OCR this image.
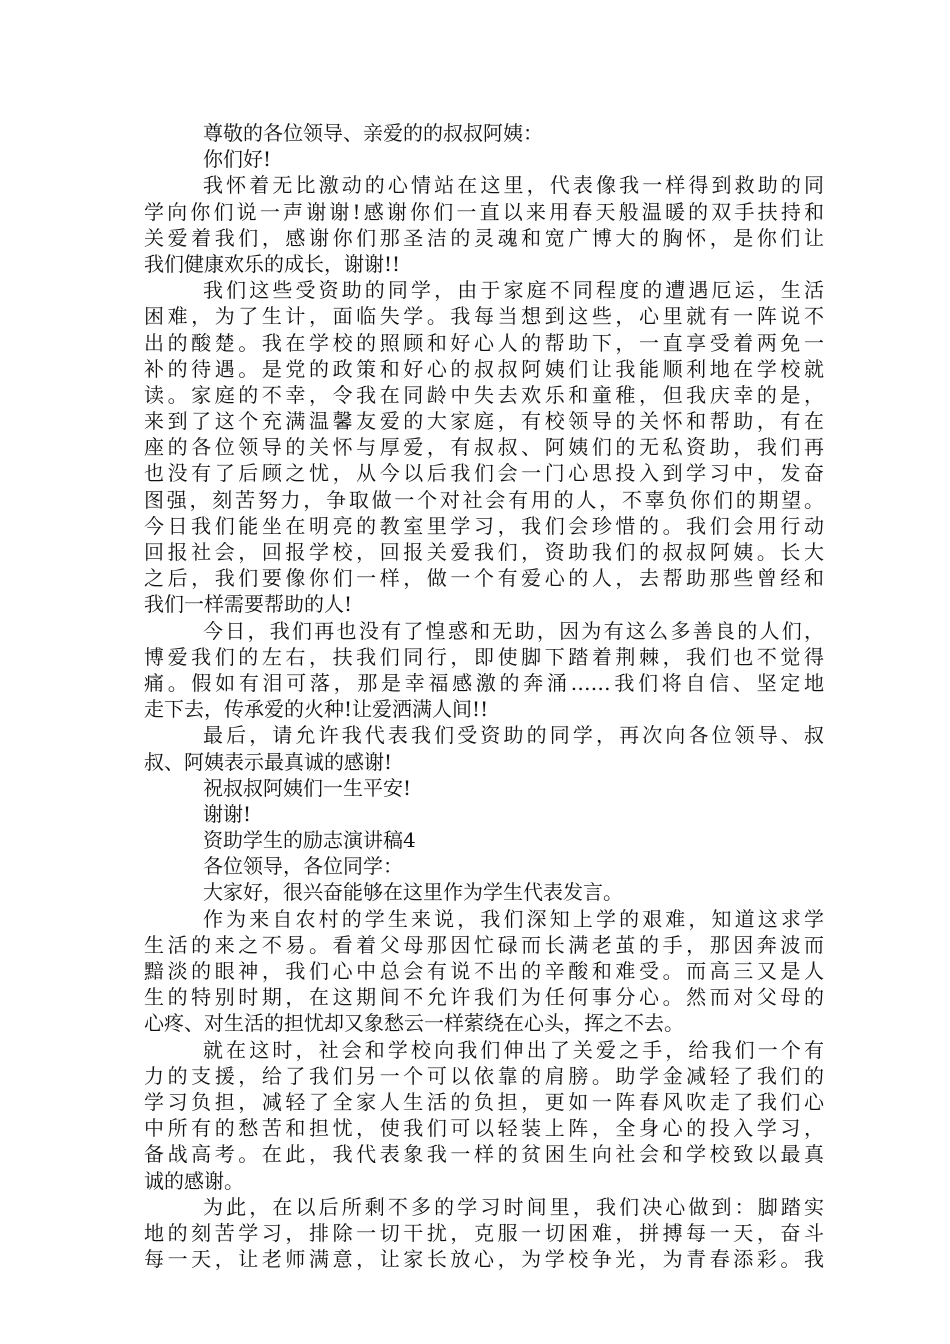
尊敬的各位领导、亲爱的的叔叔阿姨：
你们好!
我怀着无比激动的心情站在这里，代表像我一样得到救助的同
学向你们说一声谢谢!感谢你们一直以来用春天般温暖的双手扶持和
关爱着我们，感谢你们那圣洁的灵魂和宽广博大的胸怀，是你们让
我们健康欢乐的成长，谢谢!!
我们这些受资助的同学，由于家庭不同程度的遭遇厄运，生活
困难，为了生计，面临失学。我每当想到这些，心里就有一阵说不
出的酸楚。我在学校的照顾和好心人的帮助下，一直享受着两免一
补的待遇。是党的政策和好心的叔叔阿姨们让我能顺利地在学校就
读。家庭的不幸，令我在同龄中失去欢乐和童稚，但我庆幸的是，
来到了这个充满温馨友爱的大家庭，有校领导的关怀和帮助，有在
座的各位领导的关怀与厚爱，有叔叔、阿姨们的无私资助，我们再
也没有了后顾之忧，从今以后我们会一门心思投入到学习中，发奋
图强，刻苦努力，争取做一个对社会有用的人，不辜负你们的期望。
今日我们能坐在明亮的教室里学习，我们会珍惜的。我们会用行动
回报社会，回报学校，回报关爱我们，资助我们的叔叔阿姨。长大
之后，我们要像你们一样，做一个有爱心的人，去帮助那些曾经和
我们一样需要帮助的人!
今日，我们再也没有了惶惑和无助，因为有这么多善良的人们，
博爱我们的左右，扶我们同行，即使脚下踏着荆棘，我们也不觉得
痛。假如有泪可落，那是幸福感激的奔涌……我们将自信、坚定地
走下去，传承爱的火种!让爱洒满人间!!
最后，请允许我代表我们受资助的同学，再次向各位领导、叔
叔、阿姨表示最真诚的感谢!
祝叔叔阿姨们一生平安!
谢谢!
资助学生的励志演讲稿4
各位领导，各位同学：
大家好，很兴奋能够在这里作为学生代表发言。
作为来自农村的学生来说，我们深知上学的艰难，知道这求学
生活的来之不易。看着父母那因忙碌而长满老茧的手，那因奔波而
黯淡的眼神，我们心中总会有说不出的辛酸和难受。而高三又是人
生的特别时期，在这期间不允许我们为任何事分心。然而对父母的
心疼、对生活的担忧却又象愁云一样萦绕在心头，挥之不去。
就在这时，社会和学校向我们伸出了关爱之手，给我们一个有
力的支援，给了我们另一个可以依靠的肩膀。助学金减轻了我们的
学习负担，减轻了全家人生活的负担，更如一阵春风吹走了我们心
中所有的愁苦和担忧，使我们可以轻装上阵，全身心的投入学习，
备战高考。在此，我代表象我一样的贫困生向社会和学校致以最真
诚的感谢。
为此，在以后所剩不多的学习时间里，我们决心做到：脚踏实
地的刻苦学习，排除一切干扰，克服一切困难，拼搏每一天，奋斗
每一天，让老师满意，让家长放心，为学校争光，为青春添彩。我
